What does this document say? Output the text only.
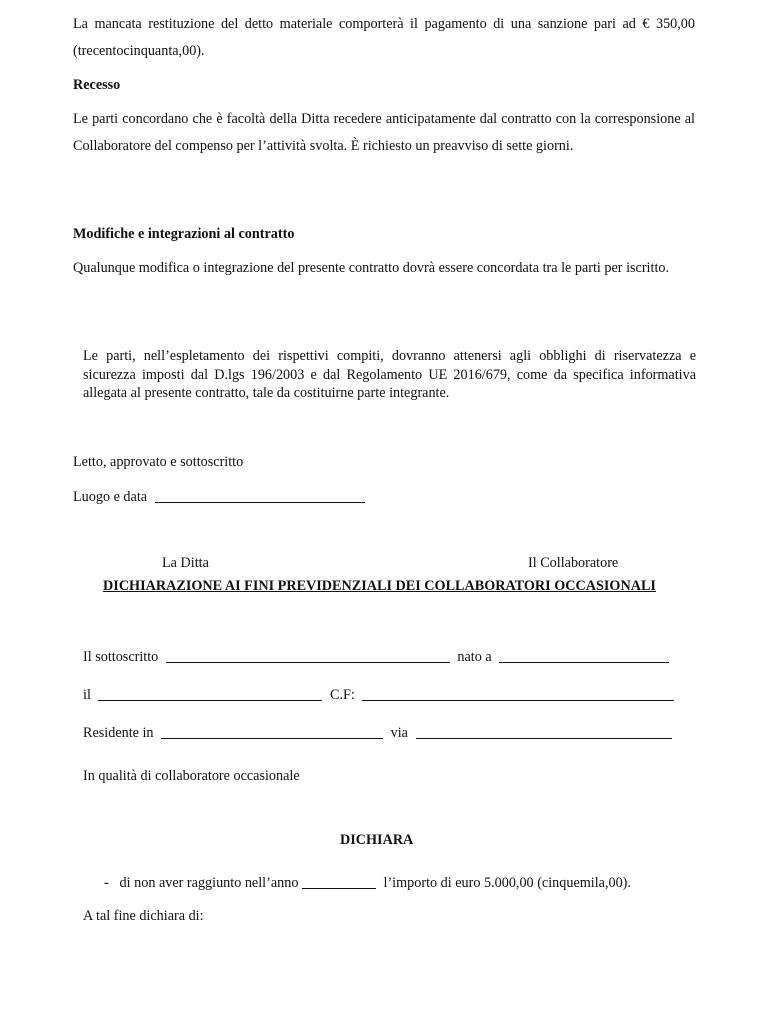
La mancata restituzione del detto materiale comporterà il pagamento di una sanzione pari ad € 350,00 (trecentocinquanta,00).

Recesso

Le parti concordano che è facoltà della Ditta recedere anticipatamente dal contratto con la corresponsione al Collaboratore del compenso per l’attività svolta. È richiesto un preavviso di sette giorni.

Modifiche e integrazioni al contratto

Qualunque modifica o integrazione del presente contratto dovrà essere concordata tra le parti per iscritto.

Le parti, nell’espletamento dei rispettivi compiti, dovranno attenersi agli obblighi di riservatezza e sicurezza imposti dal D.lgs 196/2003 e dal Regolamento UE 2016/679, come da specifica informativa allegata al presente contratto, tale da costituirne parte integrante.

Letto, approvato e sottoscritto

Luogo e data

La Ditta	Il Collaboratore

DICHIARAZIONE AI FINI PREVIDENZIALI DEI COLLABORATORI OCCASIONALI

Il sottoscritto	nato a
il	C.F:
Residente in	via

In qualità di collaboratore occasionale

DICHIARA

- di non aver raggiunto nell’anno	l’importo di euro 5.000,00 (cinquemila,00).

A tal fine dichiara di:
